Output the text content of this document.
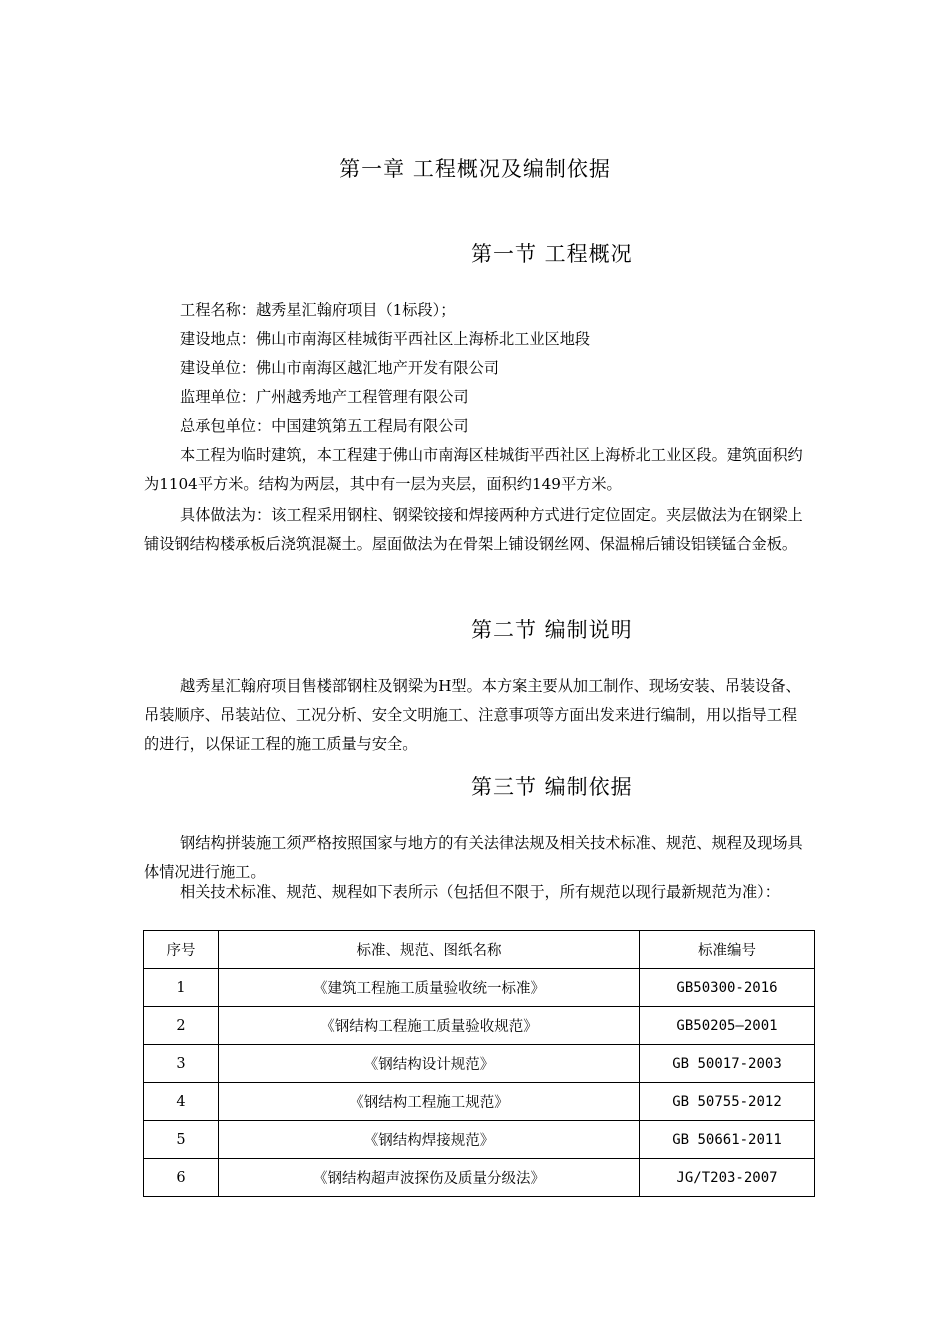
第一章 工程概况及编制依据
第一节 工程概况
工程名称：越秀星汇翰府项目（1标段）；
建设地点：佛山市南海区桂城街平西社区上海桥北工业区地段
建设单位：佛山市南海区越汇地产开发有限公司
监理单位：广州越秀地产工程管理有限公司
总承包单位：中国建筑第五工程局有限公司
本工程为临时建筑，本工程建于佛山市南海区桂城街平西社区上海桥北工业区段。建筑面积约为1104平方米。结构为两层，其中有一层为夹层，面积约149平方米。
具体做法为：该工程采用钢柱、钢梁铰接和焊接两种方式进行定位固定。夹层做法为在钢梁上铺设钢结构楼承板后浇筑混凝土。屋面做法为在骨架上铺设钢丝网、保温棉后铺设铝镁锰合金板。
第二节 编制说明
越秀星汇翰府项目售楼部钢柱及钢梁为H型。本方案主要从加工制作、现场安装、吊装设备、吊装顺序、吊装站位、工况分析、安全文明施工、注意事项等方面出发来进行编制，用以指导工程的进行，以保证工程的施工质量与安全。
第三节 编制依据
钢结构拼装施工须严格按照国家与地方的有关法律法规及相关技术标准、规范、规程及现场具体情况进行施工。
相关技术标准、规范、规程如下表所示（包括但不限于，所有规范以现行最新规范为准）：
序号	标准、规范、图纸名称	标准编号
1	《建筑工程施工质量验收统一标准》	GB50300-2016
2	《钢结构工程施工质量验收规范》	GB50205—2001
3	《钢结构设计规范》	GB 50017-2003
4	《钢结构工程施工规范》	GB 50755-2012
5	《钢结构焊接规范》	GB 50661-2011
6	《钢结构超声波探伤及质量分级法》	JG/T203-2007
